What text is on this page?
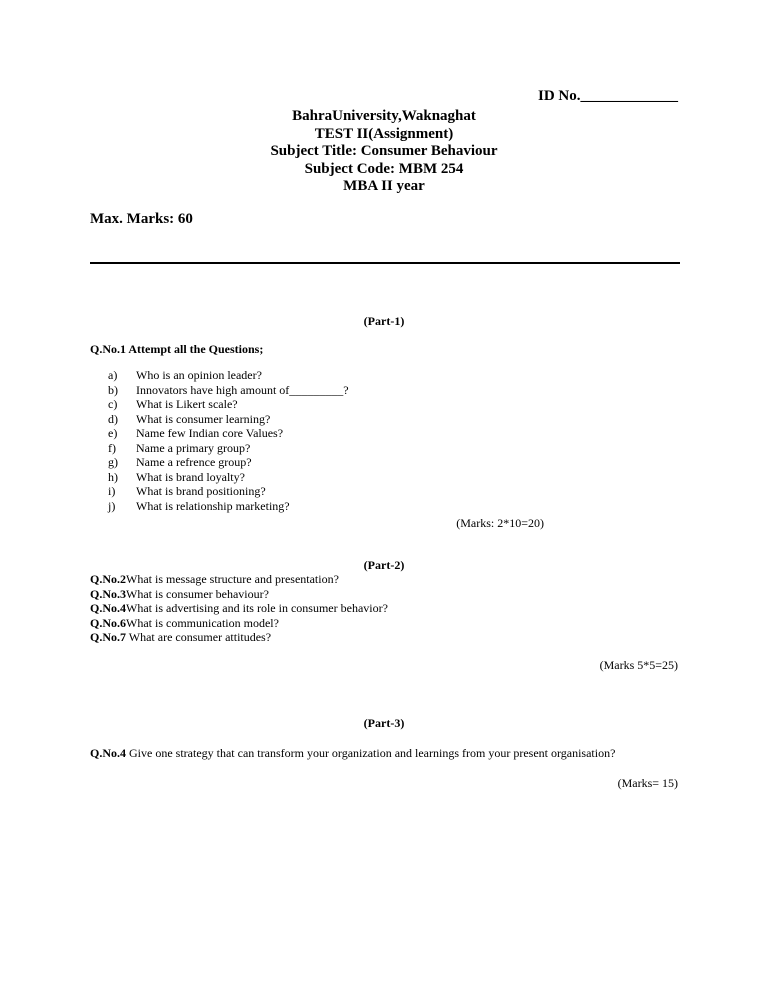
ID No._____________
BahraUniversity,Waknaghat
TEST II(Assignment)
Subject Title: Consumer Behaviour
Subject Code: MBM 254
MBA II year
Max. Marks: 60
(Part-1)
Q.No.1 Attempt all the Questions;
a)	Who is an opinion leader?
b)	Innovators have high amount of_________?
c)	What is Likert scale?
d)	What is consumer learning?
e)	Name few Indian core Values?
f)	Name a primary group?
g)	Name a refrence group?
h)	What is brand loyalty?
i)	What is brand positioning?
j)	What is relationship marketing?
(Marks: 2*10=20)
(Part-2)
Q.No.2What is message structure and presentation?
Q.No.3What is consumer behaviour?
Q.No.4What is advertising and its role in consumer behavior?
Q.No.6What is communication model?
Q.No.7 What are consumer attitudes?
(Marks 5*5=25)
(Part-3)
Q.No.4 Give one strategy that can transform your organization and learnings from your present organisation?
(Marks= 15)
